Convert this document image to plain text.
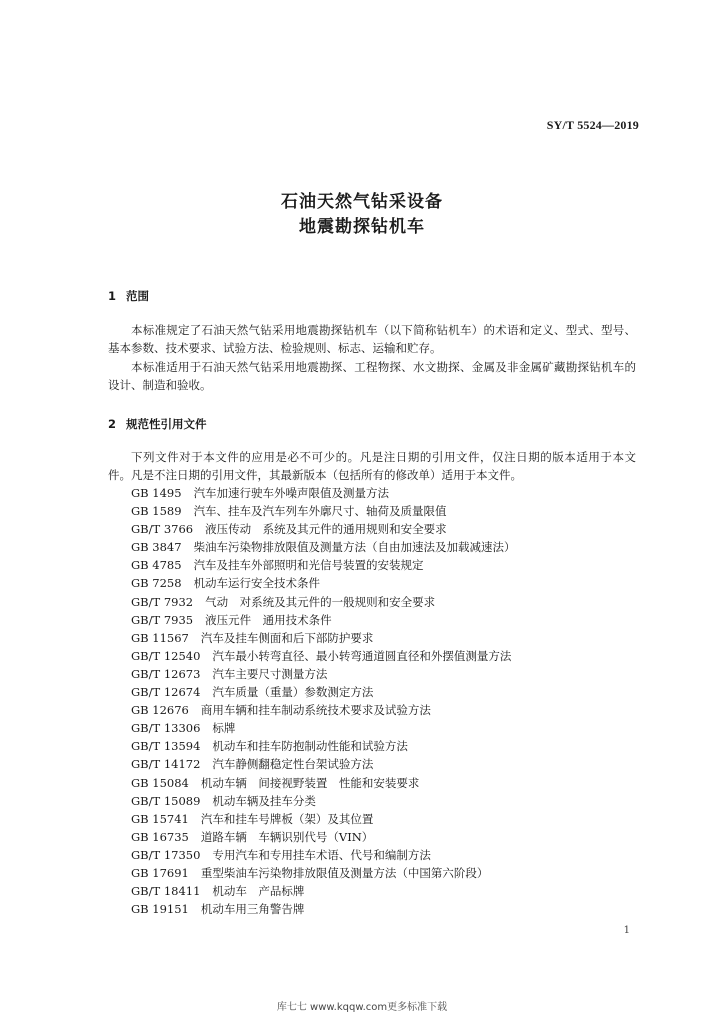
SY/T 5524—2019
石油天然气钻采设备
地震勘探钻机车
1 范围
本标准规定了石油天然气钻采用地震勘探钻机车（以下简称钻机车）的术语和定义、型式、型号、基本参数、技术要求、试验方法、检验规则、标志、运输和贮存。
本标准适用于石油天然气钻采用地震勘探、工程物探、水文勘探、金属及非金属矿藏勘探钻机车的设计、制造和验收。
2 规范性引用文件
下列文件对于本文件的应用是必不可少的。凡是注日期的引用文件，仅注日期的版本适用于本文件。凡是不注日期的引用文件，其最新版本（包括所有的修改单）适用于本文件。
GB 1495 汽车加速行驶车外噪声限值及测量方法
GB 1589 汽车、挂车及汽车列车外廓尺寸、轴荷及质量限值
GB/T 3766 液压传动　系统及其元件的通用规则和安全要求
GB 3847 柴油车污染物排放限值及测量方法（自由加速法及加载减速法）
GB 4785 汽车及挂车外部照明和光信号装置的安装规定
GB 7258 机动车运行安全技术条件
GB/T 7932 气动　对系统及其元件的一般规则和安全要求
GB/T 7935 液压元件　通用技术条件
GB 11567 汽车及挂车侧面和后下部防护要求
GB/T 12540 汽车最小转弯直径、最小转弯通道圆直径和外摆值测量方法
GB/T 12673 汽车主要尺寸测量方法
GB/T 12674 汽车质量（重量）参数测定方法
GB 12676 商用车辆和挂车制动系统技术要求及试验方法
GB/T 13306 标牌
GB/T 13594 机动车和挂车防抱制动性能和试验方法
GB/T 14172 汽车静侧翻稳定性台架试验方法
GB 15084 机动车辆　间接视野装置　性能和安装要求
GB/T 15089 机动车辆及挂车分类
GB 15741 汽车和挂车号牌板（架）及其位置
GB 16735 道路车辆　车辆识别代号（VIN）
GB/T 17350 专用汽车和专用挂车术语、代号和编制方法
GB 17691 重型柴油车污染物排放限值及测量方法（中国第六阶段）
GB/T 18411 机动车　产品标牌
GB 19151 机动车用三角警告牌
1
库七七 www.kqqw.com更多标准下载
